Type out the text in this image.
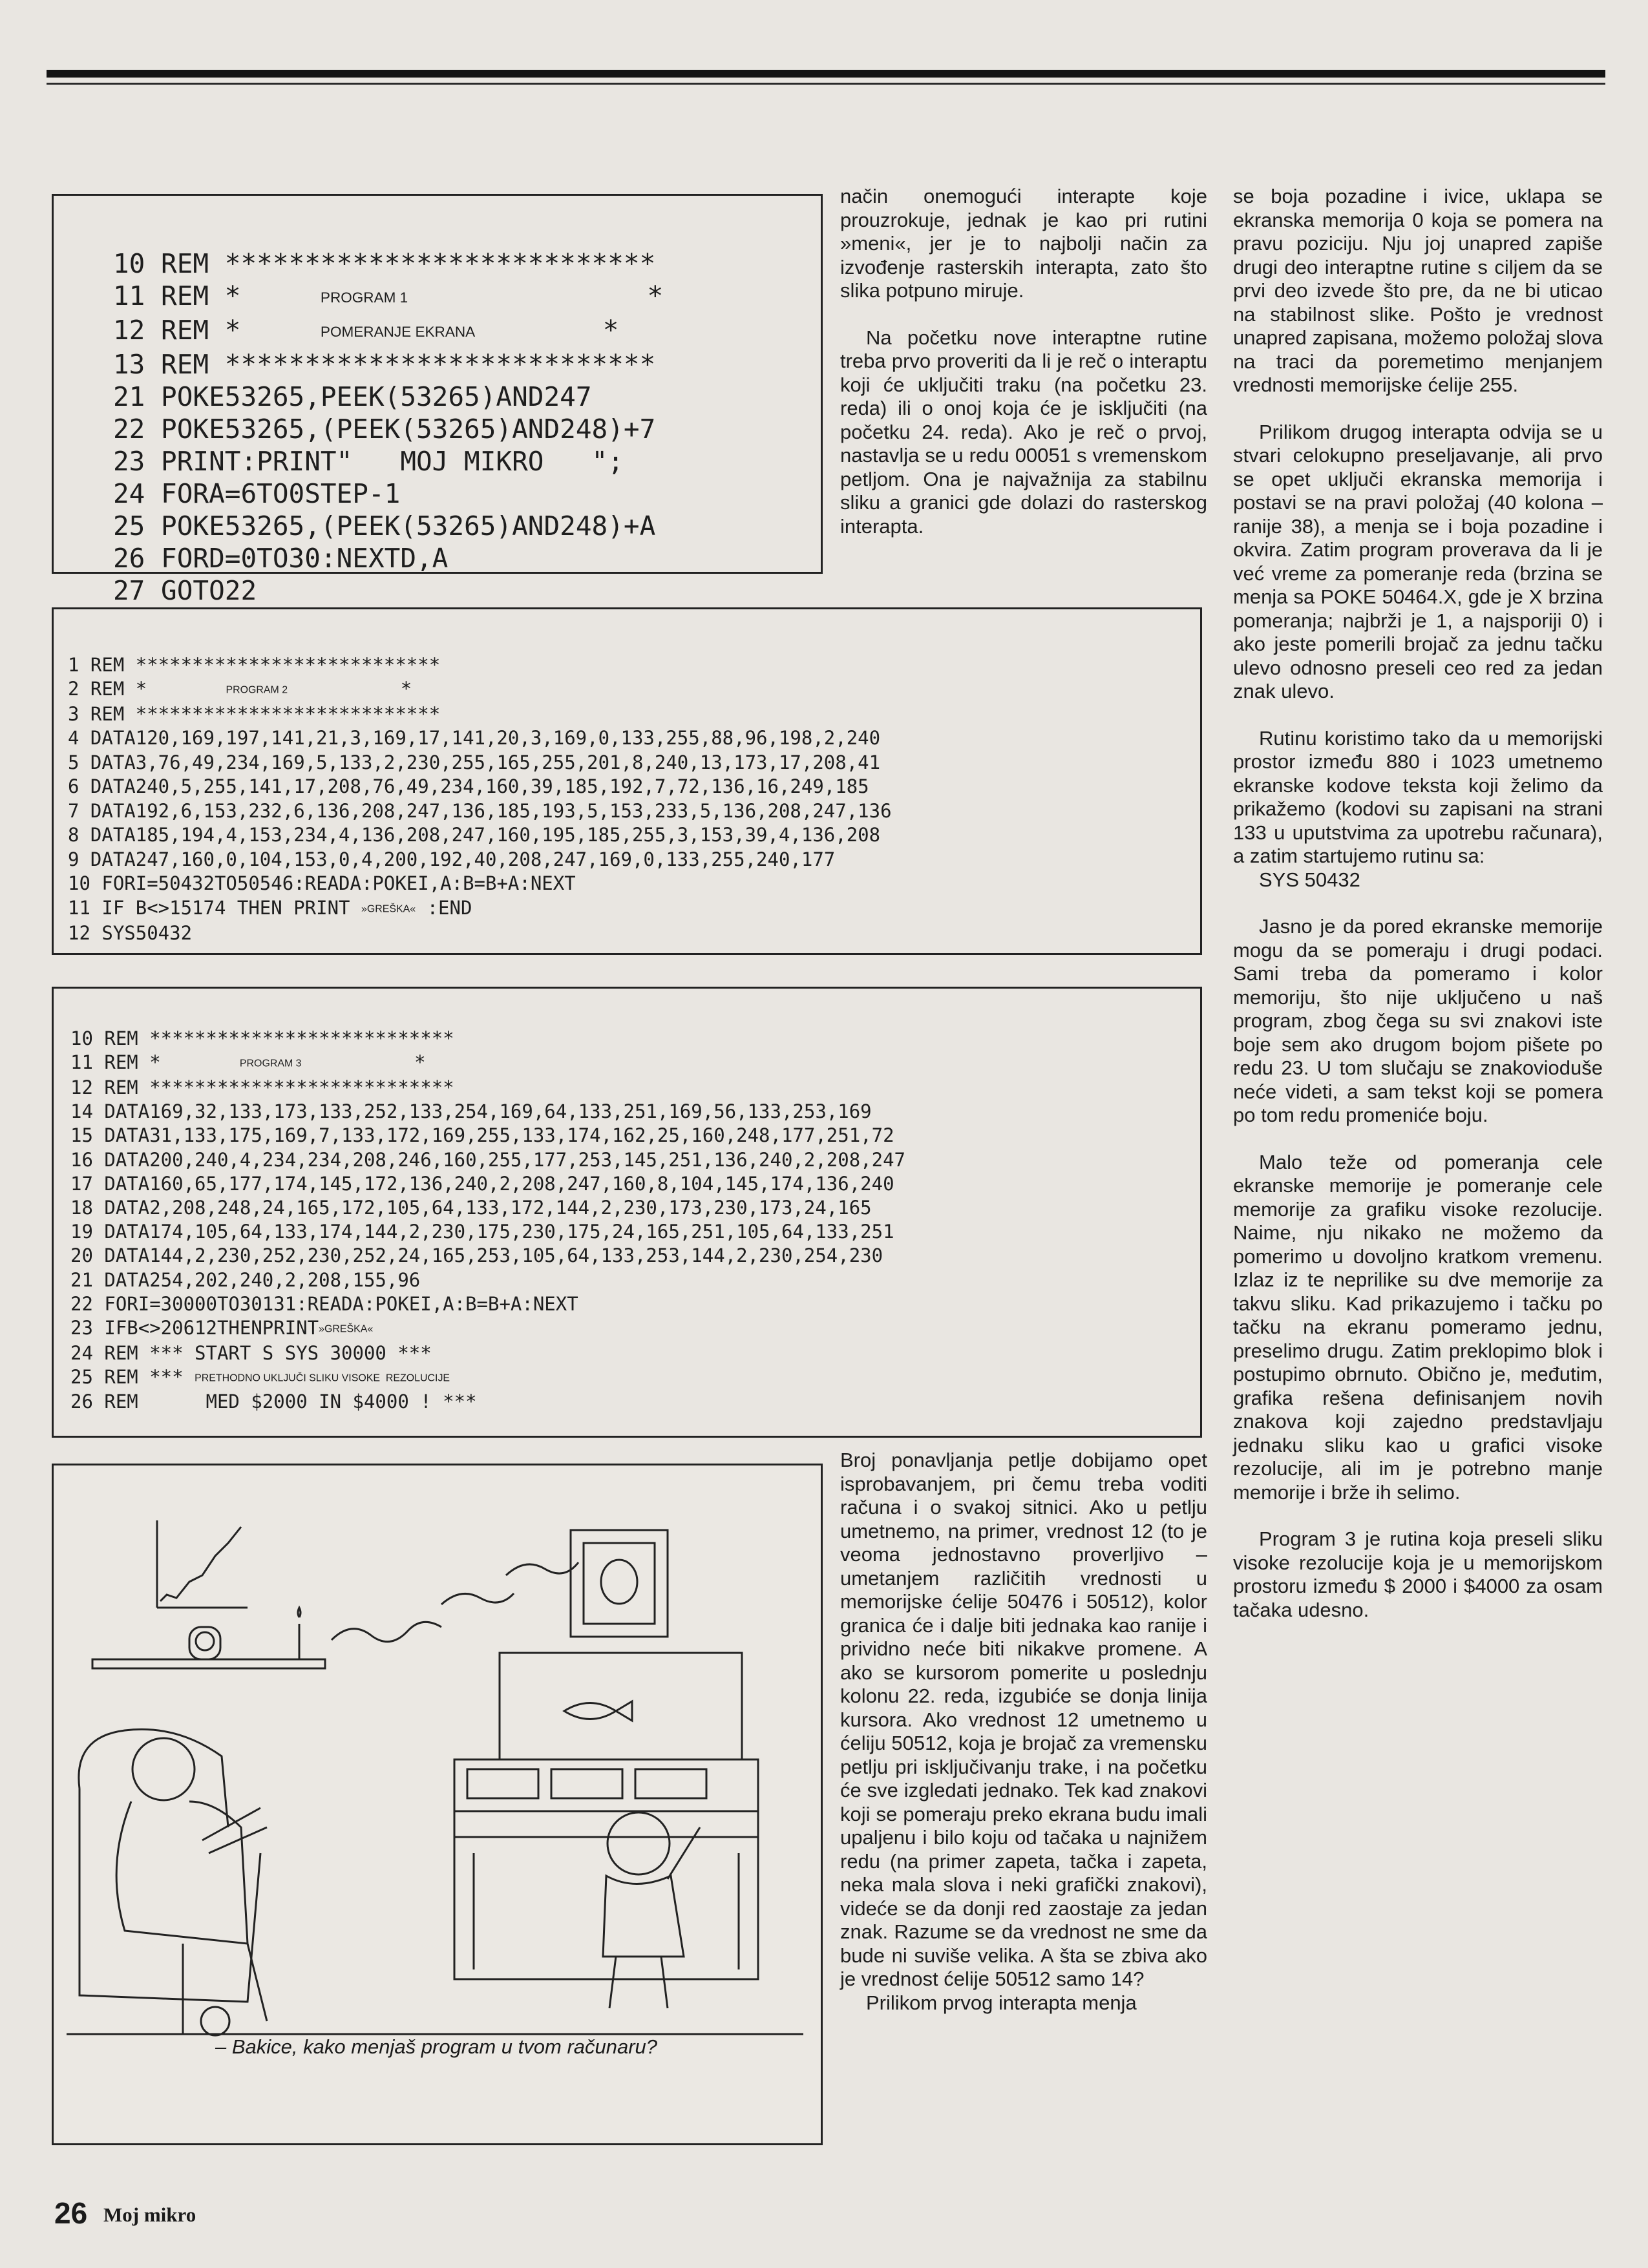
10 REM ***************************
11 REM *	PROGRAM 1	*
12 REM *	POMERANJE EKRANA	*
13 REM ***************************
21 POKE53265,PEEK(53265)AND247
22 POKE53265,(PEEK(53265)AND248)+7
23 PRINT:PRINT"   MOJ MIKRO   ";
24 FORA=6TO0STEP-1
25 POKE53265,(PEEK(53265)AND248)+A
26 FORD=0TO30:NEXTD,A
27 GOTO22

1 REM ***************************
2 REM *	PROGRAM 2	*
3 REM ***************************
4 DATA120,169,197,141,21,3,169,17,141,20,3,169,0,133,255,88,96,198,2,240
5 DATA3,76,49,234,169,5,133,2,230,255,165,255,201,8,240,13,173,17,208,41
6 DATA240,5,255,141,17,208,76,49,234,160,39,185,192,7,72,136,16,249,185
7 DATA192,6,153,232,6,136,208,247,136,185,193,5,153,233,5,136,208,247,136
8 DATA185,194,4,153,234,4,136,208,247,160,195,185,255,3,153,39,4,136,208
9 DATA247,160,0,104,153,0,4,200,192,40,208,247,169,0,133,255,240,177
10 FORI=50432TO50546:READA:POKEI,A:B=B+A:NEXT
11 IF B<>15174 THEN PRINT »GREŠKA« :END
12 SYS50432

10 REM ***************************
11 REM *	PROGRAM 3	*
12 REM ***************************
14 DATA169,32,133,173,133,252,133,254,169,64,133,251,169,56,133,253,169
15 DATA31,133,175,169,7,133,172,169,255,133,174,162,25,160,248,177,251,72
16 DATA200,240,4,234,234,208,246,160,255,177,253,145,251,136,240,2,208,247
17 DATA160,65,177,174,145,172,136,240,2,208,247,160,8,104,145,174,136,240
18 DATA2,208,248,24,165,172,105,64,133,172,144,2,230,173,230,173,24,165
19 DATA174,105,64,133,174,144,2,230,175,230,175,24,165,251,105,64,133,251
20 DATA144,2,230,252,230,252,24,165,253,105,64,133,253,144,2,230,254,230
21 DATA254,202,240,2,208,155,96
22 FORI=30000TO30131:READA:POKEI,A:B=B+A:NEXT
23 IFB<>20612THENPRINT»GREŠKA«
24 REM *** START S SYS 30000 ***
25 REM *** PRETHODNO UKLJUČI SLIKU VISOKE  REZOLUCIJE
26 REM      MED $2000 IN $4000 ! ***

način onemogući interapte koje prouzrokuje, jednak je kao pri rutini »meni«, jer je to najbolji način za izvođenje rasterskih interapta, zato što slika potpuno miruje.

Na početku nove interaptne rutine treba prvo proveriti da li je reč o interaptu koji će uključiti traku (na početku 23. reda) ili o onoj koja će je isključiti (na početku 24. reda). Ako je reč o prvoj, nastavlja se u redu 00051 s vremenskom petljom. Ona je najvažnija za stabilnu sliku a granici gde dolazi do rasterskog interapta.

se boja pozadine i ivice, uklapa se ekranska memorija 0 koja se pomera na pravu poziciju. Nju joj unapred zapiše drugi deo interaptne rutine s ciljem da se prvi deo izvede što pre, da ne bi uticao na stabilnost slike. Pošto je vrednost unapred zapisana, možemo položaj slova na traci da poremetimo menjanjem vrednosti memorijske ćelije 255.

Prilikom drugog interapta odvija se u stvari celokupno preseljavanje, ali prvo se opet uključi ekranska memorija i postavi se na pravi položaj (40 kolona – ranije 38), a menja se i boja pozadine i okvira. Zatim program proverava da li je već vreme za pomeranje reda (brzina se menja sa POKE 50464.X, gde je X brzina pomeranja; najbrži je 1, a najsporiji 0) i ako jeste pomerili brojač za jednu tačku ulevo odnosno preseli ceo red za jedan znak ulevo.

Rutinu koristimo tako da u memorijski prostor između 880 i 1023 umetnemo ekranske kodove teksta koji želimo da prikažemo (kodovi su zapisani na strani 133 u uputstvima za upotrebu računara), a zatim startujemo rutinu sa:

SYS 50432

Jasno je da pored ekranske memorije mogu da se pomeraju i drugi podaci. Sami treba da pomeramo i kolor memoriju, što nije uključeno u naš program, zbog čega su svi znakovi iste boje sem ako drugom bojom pišete po redu 23. U tom slučaju se znakovioduše neće videti, a sam tekst koji se pomera po tom redu promeniće boju.

Malo teže od pomeranja cele ekranske memorije je pomeranje cele memorije za grafiku visoke rezolucije. Naime, nju nikako ne možemo da pomerimo u dovoljno kratkom vremenu. Izlaz iz te neprilike su dve memorije za takvu sliku. Kad prikazujemo i tačku po tačku na ekranu pomeramo jednu, preselimo drugu. Zatim preklopimo blok i postupimo obrnuto. Obično je, međutim, grafika rešena definisanjem novih znakova koji zajedno predstavljaju jednaku sliku kao u grafici visoke rezolucije, ali im je potrebno manje memorije i brže ih selimo.

Program 3 je rutina koja preseli sliku visoke rezolucije koja je u memorijskom prostoru između $ 2000 i $4000 za osam tačaka udesno.

– Bakice, kako menjaš program u tvom računaru?

Broj ponavljanja petlje dobijamo opet isprobavanjem, pri čemu treba voditi računa i o svakoj sitnici. Ako u petlju umetnemo, na primer, vrednost 12 (to je veoma jednostavno proverljivo – umetanjem različitih vrednosti u memorijske ćelije 50476 i 50512), kolor granica će i dalje biti jednaka kao ranije i prividno neće biti nikakve promene. A ako se kursorom pomerite u poslednju kolonu 22. reda, izgubiće se donja linija kursora. Ako vrednost 12 umetnemo u ćeliju 50512, koja je brojač za vremensku petlju pri isključivanju trake, i na početku će sve izgledati jednako. Tek kad znakovi koji se pomeraju preko ekrana budu imali upaljenu i bilo koju od tačaka u najnižem redu (na primer zapeta, tačka i zapeta, neka mala slova i neki grafički znakovi), videće se da donji red zaostaje za jedan znak. Razume se da vrednost ne sme da bude ni suviše velika. A šta se zbiva ako je vrednost ćelije 50512 samo 14?

Prilikom prvog interapta menja

26 Moj mikro
